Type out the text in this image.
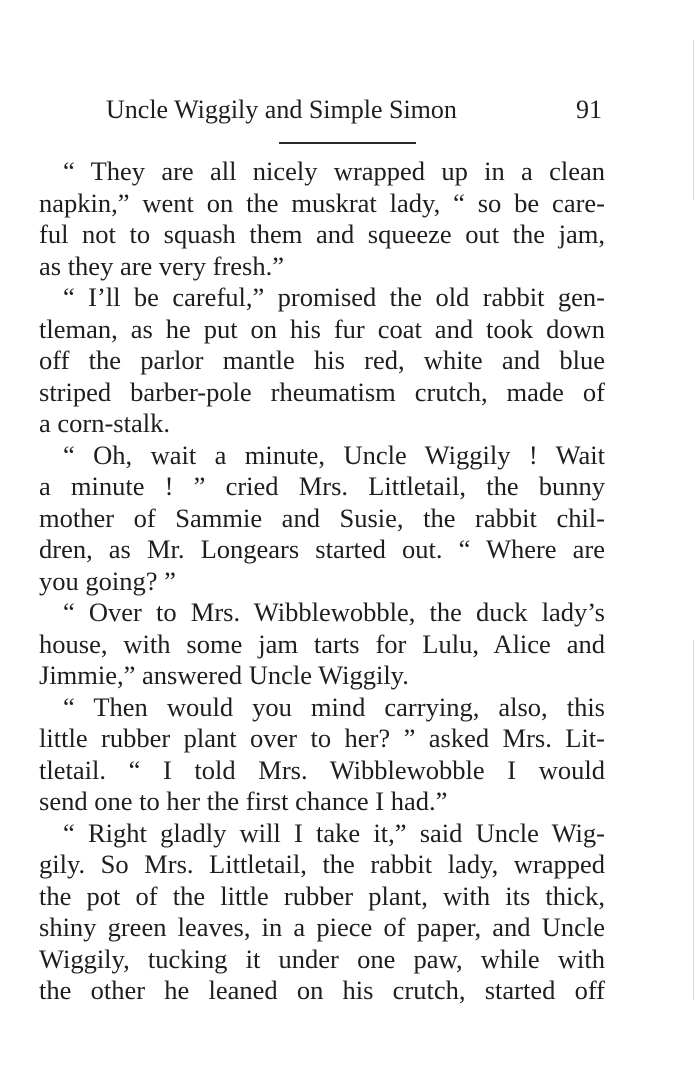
Uncle Wiggily and Simple Simon	91
“ They are all nicely wrapped up in a clean
napkin,” went on the muskrat lady, “ so be care-
ful not to squash them and squeeze out the jam,
as they are very fresh.”
“ I’ll be careful,” promised the old rabbit gen-
tleman, as he put on his fur coat and took down
off the parlor mantle his red, white and blue
striped barber-pole rheumatism crutch, made of
a corn-stalk.
“ Oh, wait a minute, Uncle Wiggily ! Wait
a minute ! ” cried Mrs. Littletail, the bunny
mother of Sammie and Susie, the rabbit chil-
dren, as Mr. Longears started out. “ Where are
you going? ”
“ Over to Mrs. Wibblewobble, the duck lady’s
house, with some jam tarts for Lulu, Alice and
Jimmie,” answered Uncle Wiggily.
“ Then would you mind carrying, also, this
little rubber plant over to her? ” asked Mrs. Lit-
tletail. “ I told Mrs. Wibblewobble I would
send one to her the first chance I had.”
“ Right gladly will I take it,” said Uncle Wig-
gily. So Mrs. Littletail, the rabbit lady, wrapped
the pot of the little rubber plant, with its thick,
shiny green leaves, in a piece of paper, and Uncle
Wiggily, tucking it under one paw, while with
the other he leaned on his crutch, started off
